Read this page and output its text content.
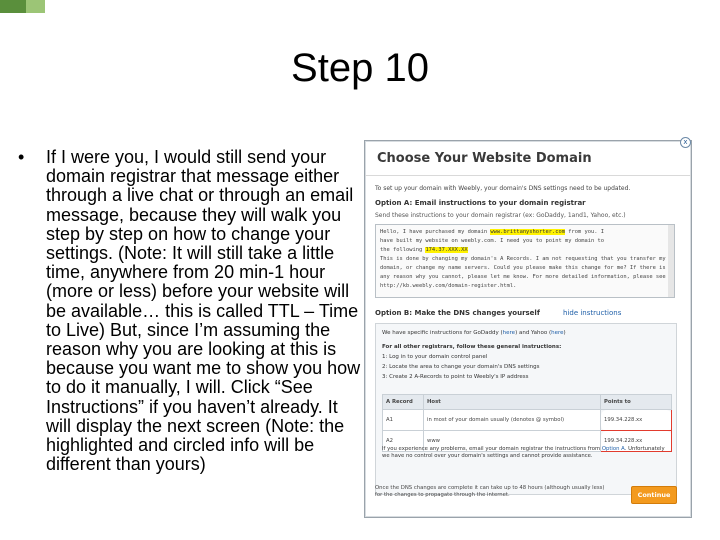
Step 10
• If I were you, I would still send your domain registrar that message either through a live chat or through an email message, because they will walk you step by step on how to change your settings. (Note: It will still take a little time, anywhere from 20 min-1 hour (more or less) before your website will be available… this is called TTL – Time to Live) But, since I’m assuming the reason why you are looking at this is because you want me to show you how to do it manually, I will. Click “See Instructions” if you haven’t already. It will display the next screen (Note: the highlighted and circled info will be different than yours)
Choose Your Website Domain
To set up your domain with Weebly, your domain's DNS settings need to be updated.
Option A: Email instructions to your domain registrar
Send these instructions to your domain registrar (ex: GoDaddy, 1and1, Yahoo, etc.)
Hello, I have purchased my domain www.brittanyshorter.com from you. I
have built my website on weebly.com. I need you to point my domain to
the following 174.37.XXX.XX
This is done by changing my domain's A Records. I am not requesting that you transfer my domain, or change my name servers. Could you please make this change for me? If there is any reason why you cannot, please let me know. For more detailed information, please see http://kb.weebly.com/domain-register.html.
Option B: Make the DNS changes yourself	hide instructions
We have specific instructions for GoDaddy (here) and Yahoo (here)
For all other registrars, follow these general instructions:
1: Log in to your domain control panel
2: Locate the area to change your domain's DNS settings
3: Create 2 A-Records to point to Weebly's IP address
A Record	Host	Points to
A1	in most of your domain usually (denotes @ symbol)	199.34.228.xx
A2	www	199.34.228.xx
If you experience any problems, email your domain registrar the instructions from Option A. Unfortunately we have no control over your domain's settings and cannot provide assistance.
Once the DNS changes are complete it can take up to 48 hours (although usually less) for the changes to propagate through the internet.	Continue
x
